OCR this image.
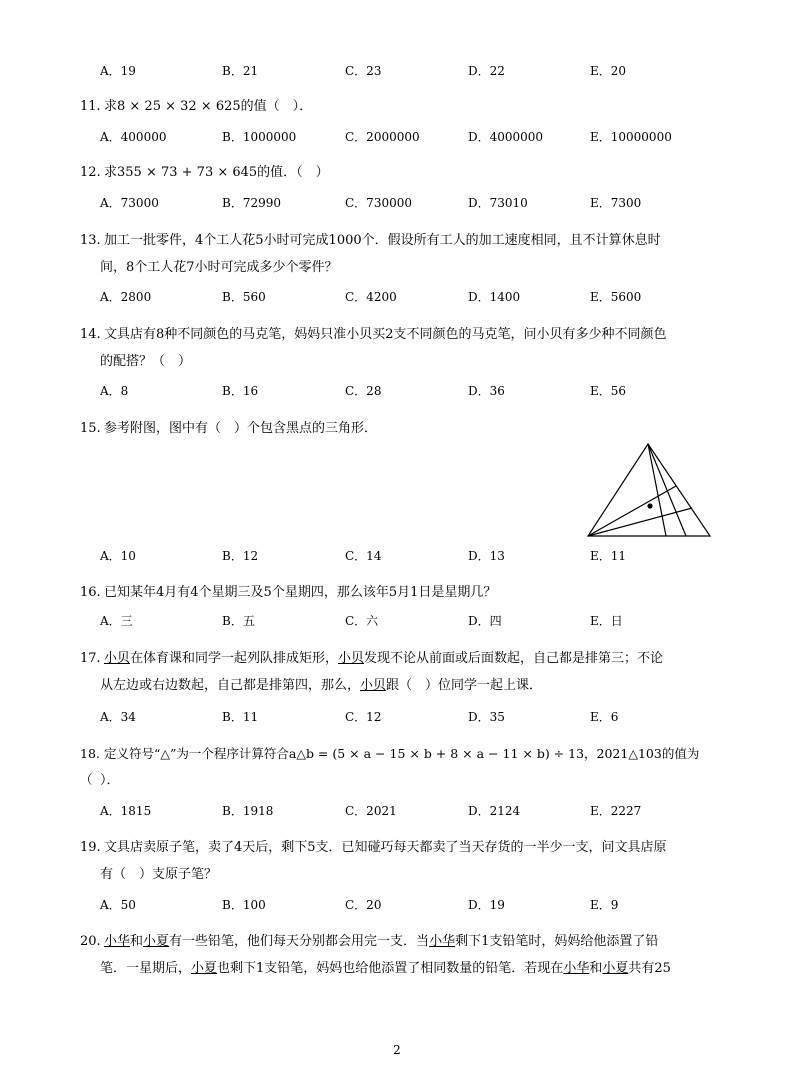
A．19	B．21	C．23	D．22	E．20
11. 求8 × 25 × 32 × 625的值（　）．
A．400000	B．1000000	C．2000000	D．4000000	E．10000000
12. 求355 × 73 + 73 × 645的值．（　）
A．73000	B．72990	C．730000	D．73010	E．7300
13. 加工一批零件，4个工人花5小时可完成1000个．假设所有工人的加工速度相同，且不计算休息时
间，8个工人花7小时可完成多少个零件？
A．2800	B．560	C．4200	D．1400	E．5600
14. 文具店有8种不同颜色的马克笔，妈妈只准小贝买2支不同颜色的马克笔，问小贝有多少种不同颜色
的配搭？（　）
A．8	B．16	C．28	D．36	E．56
15. 参考附图，图中有（　）个包含黑点的三角形．
A．10	B．12	C．14	D．13	E．11
16. 已知某年4月有4个星期三及5个星期四，那么该年5月1日是星期几？
A．三	B．五	C．六	D．四	E．日
17. 小贝在体育课和同学一起列队排成矩形，小贝发现不论从前面或后面数起，自己都是排第三；不论
从左边或右边数起，自己都是排第四，那么，小贝跟（　）位同学一起上课．
A．34	B．11	C．12	D．35	E．6
18. 定义符号“△”为一个程序计算符合a△b = (5 × a − 15 × b + 8 × a − 11 × b) ÷ 13，2021△103的值为（ ）．
A．1815	B．1918	C．2021	D．2124	E．2227
19. 文具店卖原子笔，卖了4天后，剩下5支．已知碰巧每天都卖了当天存货的一半少一支，问文具店原
有（　）支原子笔？
A．50	B．100	C．20	D．19	E．9
20. 小华和小夏有一些铅笔，他们每天分别都会用完一支．当小华剩下1支铅笔时，妈妈给他添置了铅
笔．一星期后，小夏也剩下1支铅笔，妈妈也给他添置了相同数量的铅笔．若现在小华和小夏共有25
2
